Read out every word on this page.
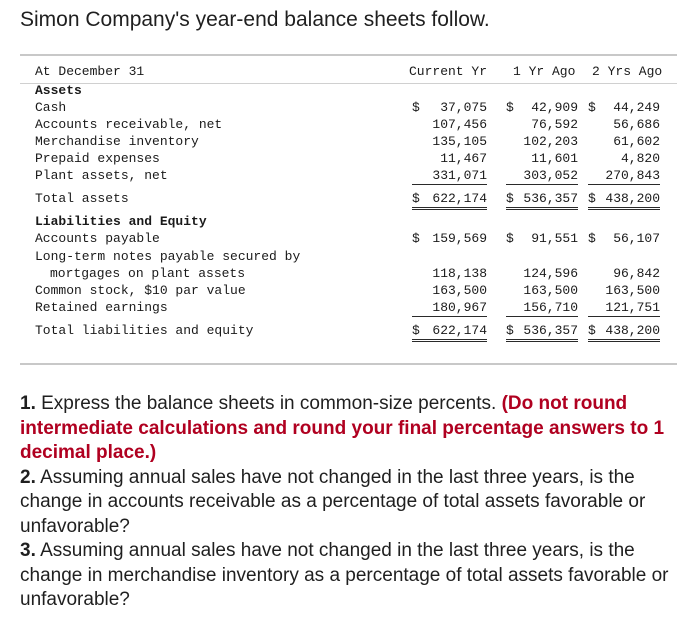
Simon Company's year-end balance sheets follow.
At December 31	Current Yr 1 Yr Ago 2 Yrs Ago
Assets
Cash	$ 37,075 $ 42,909 $ 44,249
Accounts receivable, net	107,456	76,592	56,686
Merchandise inventory	135,105	102,203	61,602
Prepaid expenses	11,467	11,601	4,820
Plant assets, net	331,071	303,052	270,843
Total assets	$ 622,174 $ 536,357 $ 438,200
Liabilities and Equity
Accounts payable	$ 159,569 $ 91,551 $ 56,107
Long-term notes payable secured by
mortgages on plant assets	118,138	124,596	96,842
Common stock, $10 par value	163,500	163,500	163,500
Retained earnings	180,967	156,710	121,751
Total liabilities and equity	$ 622,174 $ 536,357 $ 438,200

1. Express the balance sheets in common-size percents. (Do not round intermediate calculations and round your final percentage answers to 1 decimal place.)

2. Assuming annual sales have not changed in the last three years, is the change in accounts receivable as a percentage of total assets favorable or unfavorable?

3. Assuming annual sales have not changed in the last three years, is the change in merchandise inventory as a percentage of total assets favorable or unfavorable?
